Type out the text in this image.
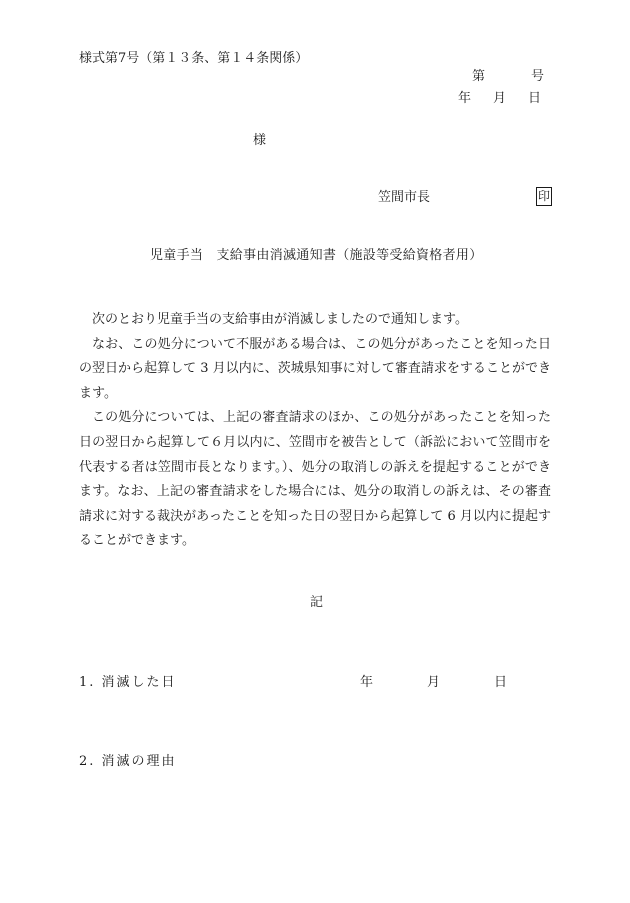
様式第7号（第１３条、第１４条関係）
第	号
年 月 日
様
笠間市長	印
児童手当　支給事由消滅通知書（施設等受給資格者用）

次のとおり児童手当の支給事由が消滅しましたので通知します。

なお、この処分について不服がある場合は、この処分があったことを知った日の翌日から起算して 3 月以内に、茨城県知事に対して審査請求をすることができます。

この処分については、上記の審査請求のほか、この処分があったことを知った日の翌日から起算して６月以内に、笠間市を被告として（訴訟において笠間市を代表する者は笠間市長となります。）、処分の取消しの訴えを提起することができます。なお、上記の審査請求をした場合には、処分の取消しの訴えは、その審査請求に対する裁決があったことを知った日の翌日から起算して 6 月以内に提起することができます。

記
1. 消滅した日	年	月	日
2. 消滅の理由
